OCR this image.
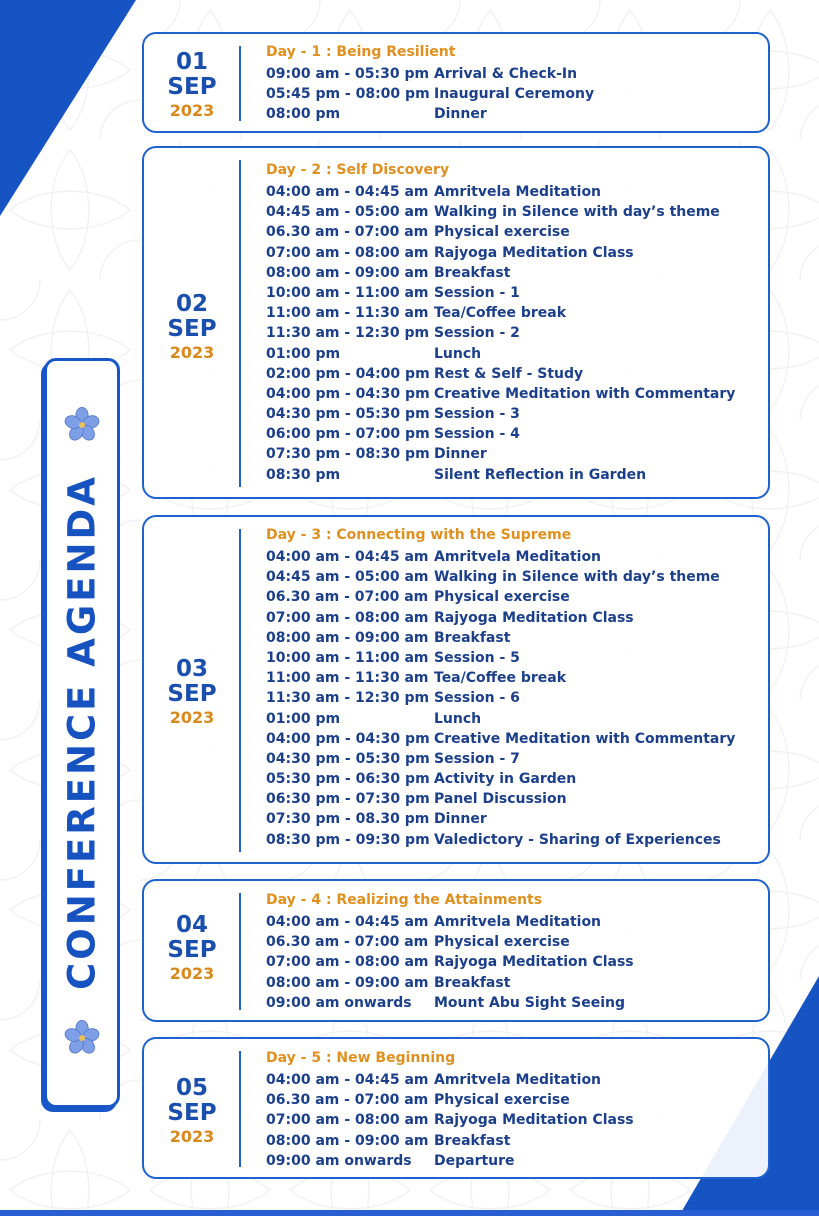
CONFERENCE AGENDA
01
SEP
2023
Day - 1 : Being Resilient
09:00 am - 05:30 pm Arrival & Check-In
05:45 pm - 08:00 pm Inaugural Ceremony
08:00 pm	Dinner
02
SEP
2023
Day - 2 : Self Discovery
04:00 am - 04:45 am Amritvela Meditation
04:45 am - 05:00 am Walking in Silence with day’s theme
06.30 am - 07:00 am Physical exercise
07:00 am - 08:00 am Rajyoga Meditation Class
08:00 am - 09:00 am Breakfast
10:00 am - 11:00 am Session - 1
11:00 am - 11:30 am Tea/Coffee break
11:30 am - 12:30 pm Session - 2
01:00 pm	Lunch
02:00 pm - 04:00 pm Rest & Self - Study
04:00 pm - 04:30 pm Creative Meditation with Commentary
04:30 pm - 05:30 pm Session - 3
06:00 pm - 07:00 pm Session - 4
07:30 pm - 08:30 pm Dinner
08:30 pm	Silent Reflection in Garden
03
SEP
2023
Day - 3 : Connecting with the Supreme
04:00 am - 04:45 am Amritvela Meditation
04:45 am - 05:00 am Walking in Silence with day’s theme
06.30 am - 07:00 am Physical exercise
07:00 am - 08:00 am Rajyoga Meditation Class
08:00 am - 09:00 am Breakfast
10:00 am - 11:00 am Session - 5
11:00 am - 11:30 am Tea/Coffee break
11:30 am - 12:30 pm Session - 6
01:00 pm	Lunch
04:00 pm - 04:30 pm Creative Meditation with Commentary
04:30 pm - 05:30 pm Session - 7
05:30 pm - 06:30 pm Activity in Garden
06:30 pm - 07:30 pm Panel Discussion
07:30 pm - 08.30 pm Dinner
08:30 pm - 09:30 pm Valedictory - Sharing of Experiences
04
SEP
2023
Day - 4 : Realizing the Attainments
04:00 am - 04:45 am Amritvela Meditation
06.30 am - 07:00 am Physical exercise
07:00 am - 08:00 am Rajyoga Meditation Class
08:00 am - 09:00 am Breakfast
09:00 am onwards Mount Abu Sight Seeing
05
SEP
2023
Day - 5 : New Beginning
04:00 am - 04:45 am Amritvela Meditation
06.30 am - 07:00 am Physical exercise
07:00 am - 08:00 am Rajyoga Meditation Class
08:00 am - 09:00 am Breakfast
09:00 am onwards Departure
